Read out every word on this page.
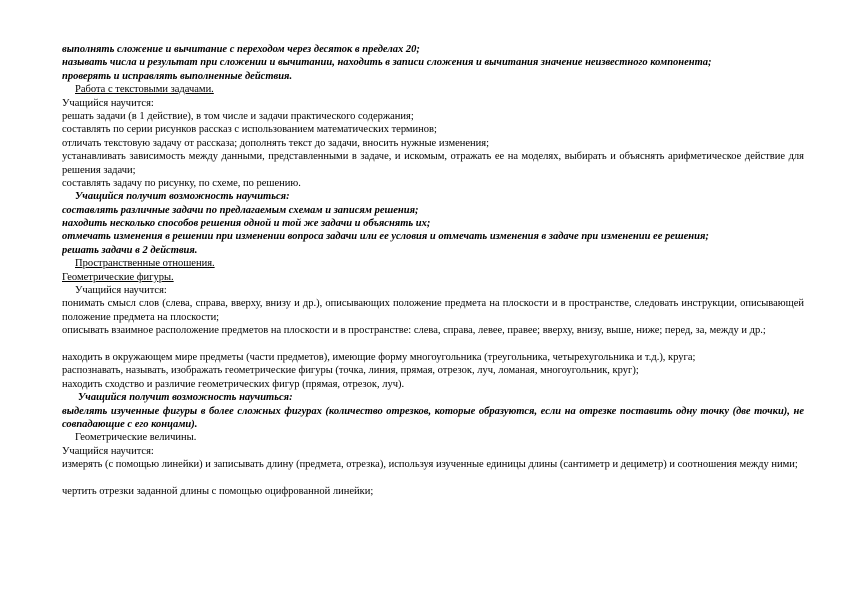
выполнять сложение и вычитание с переходом через десяток в пределах 20;
называть числа и результат при сложении и вычитании, находить в записи сложения и вычитания значение неизвестного компонента;
проверять и исправлять выполненные действия.
Работа с текстовыми задачами.
Учащийся научится:
решать задачи (в 1 действие), в том числе и задачи практического содержания;
составлять по серии рисунков рассказ с использованием математических терминов;
отличать текстовую задачу от рассказа; дополнять текст до задачи, вносить нужные изменения;
устанавливать зависимость между данными, представленными в задаче, и искомым, отражать ее на моделях, выбирать и объяснять арифметическое действие для решения задачи;
составлять задачу по рисунку, по схеме, по решению.
Учащийся получит возможность научиться:
составлять различные задачи по предлагаемым схемам и записям решения;
находить несколько способов решения одной и той же задачи и объяснять их;
отмечать изменения в решении при изменении вопроса задачи или ее условия и отмечать изменения в задаче при изменении ее решения;
решать задачи в 2 действия.
Пространственные отношения.
Геометрические фигуры.
Учащийся научится:
понимать смысл слов (слева, справа, вверху, внизу и др.), описывающих положение предмета на плоскости и в пространстве, следовать инструкции, описывающей положение предмета на плоскости;
описывать взаимное расположение предметов на плоскости и в пространстве: слева, справа, левее, правее; вверху, внизу, выше, ниже; перед, за, между и др.;
находить в окружающем мире предметы (части предметов), имеющие форму многоугольника (треугольника, четырехугольника и т.д.), круга;
распознавать, называть, изображать геометрические фигуры (точка, линия, прямая, отрезок, луч, ломаная, многоугольник, круг);
находить сходство и различие геометрических фигур (прямая, отрезок, луч).
Учащийся получит возможность научиться:
выделять изученные фигуры в более сложных фигурах (количество отрезков, которые образуются, если на отрезке поставить одну точку (две точки), не совпадающие с его концами).
Геометрические величины.
Учащийся научится:
измерять (с помощью линейки) и записывать длину (предмета, отрезка), используя изученные единицы длины (сантиметр и дециметр) и соотношения между ними;
чертить отрезки заданной длины с помощью оцифрованной линейки;
